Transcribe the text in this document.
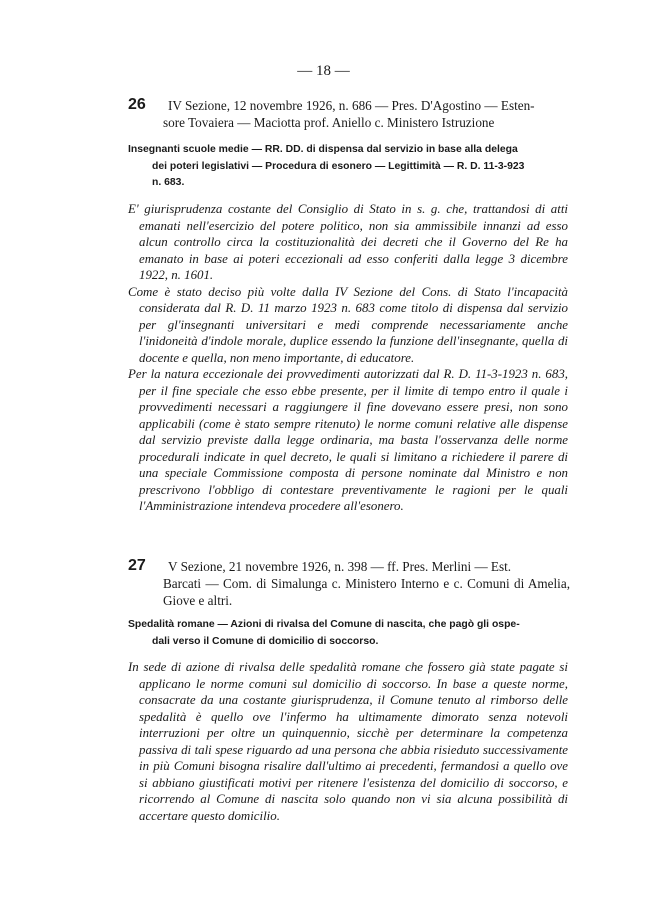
— 18 —
26 IV Sezione, 12 novembre 1926, n. 686 — Pres. D'Agostino — Esten-
sore Tovaiera — Maciotta prof. Aniello c. Ministero Istruzione

Insegnanti scuole medie — RR. DD. di dispensa dal servizio in base alla delega
dei poteri legislativi — Procedura di esonero — Legittimità — R. D. 11-3-923
n. 683.

E' giurisprudenza costante del Consiglio di Stato in s. g. che, trattandosi di atti emanati nell'esercizio del potere politico, non sia ammissibile innanzi ad esso alcun controllo circa la costituzionalità dei decreti che il Governo del Re ha emanato in base ai poteri eccezionali ad esso conferiti dalla legge 3 dicembre 1922, n. 1601.

Come è stato deciso più volte dalla IV Sezione del Cons. di Stato l'incapacità considerata dal R. D. 11 marzo 1923 n. 683 come titolo di dispensa dal servizio per gl'insegnanti universitari e medi comprende necessariamente anche l'inidoneità d'indole morale, duplice essendo la funzione dell'insegnante, quella di docente e quella, non meno importante, di educatore.

Per la natura eccezionale dei provvedimenti autorizzati dal R. D. 11-3-1923 n. 683, per il fine speciale che esso ebbe presente, per il limite di tempo entro il quale i provvedimenti necessari a raggiungere il fine dovevano essere presi, non sono applicabili (come è stato sempre ritenuto) le norme comuni relative alle dispense dal servizio previste dalla legge ordinaria, ma basta l'osservanza delle norme procedurali indicate in quel decreto, le quali si limitano a richiedere il parere di una speciale Commissione composta di persone nominate dal Ministro e non prescrivono l'obbligo di contestare preventivamente le ragioni per le quali l'Amministrazione intendeva procedere all'esonero.

27 V Sezione, 21 novembre 1926, n. 398 — ff. Pres. Merlini — Est.
Barcati — Com. di Simalunga c. Ministero Interno e c. Comuni di Amelia, Giove e altri.

Spedalità romane — Azioni di rivalsa del Comune di nascita, che pagò gli ospe-
dali verso il Comune di domicilio di soccorso.

In sede di azione di rivalsa delle spedalità romane che fossero già state pagate si applicano le norme comuni sul domicilio di soccorso. In base a queste norme, consacrate da una costante giurisprudenza, il Comune tenuto al rimborso delle spedalità è quello ove l'infermo ha ultimamente dimorato senza notevoli interruzioni per oltre un quinquennio, sicchè per determinare la competenza passiva di tali spese riguardo ad una persona che abbia risieduto successivamente in più Comuni bisogna risalire dall'ultimo ai precedenti, fermandosi a quello ove si abbiano giustificati motivi per ritenere l'esistenza del domicilio di soccorso, e ricorrendo al Comune di nascita solo quando non vi sia alcuna possibilità di accertare questo domicilio.
